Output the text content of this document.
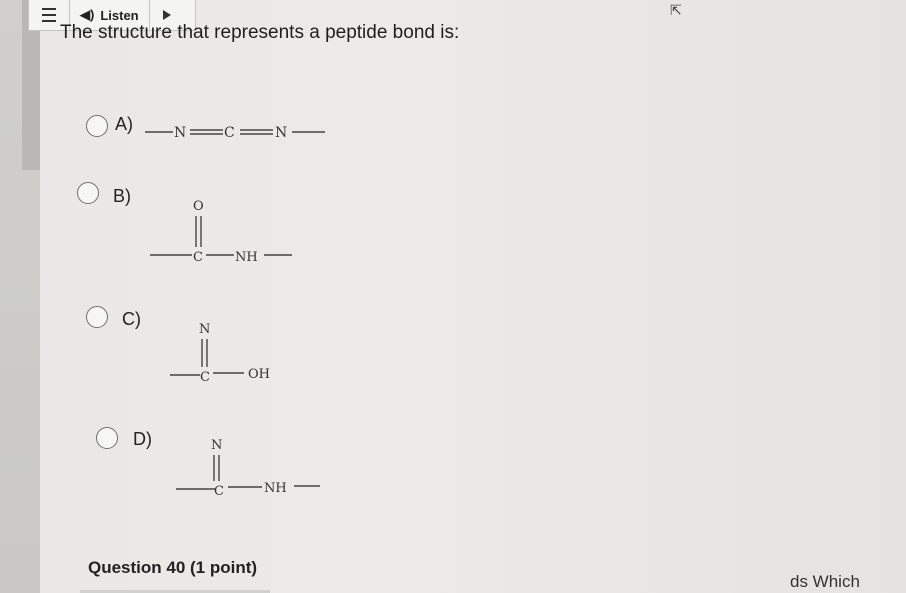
◀︎) Listen	⇱
The structure that represents a peptide bond is:
A)	N	C	N
B)
O
C NH
C)
N
C	OH
D)	N
C	NH
Question 40 (1 point)
ds Which
